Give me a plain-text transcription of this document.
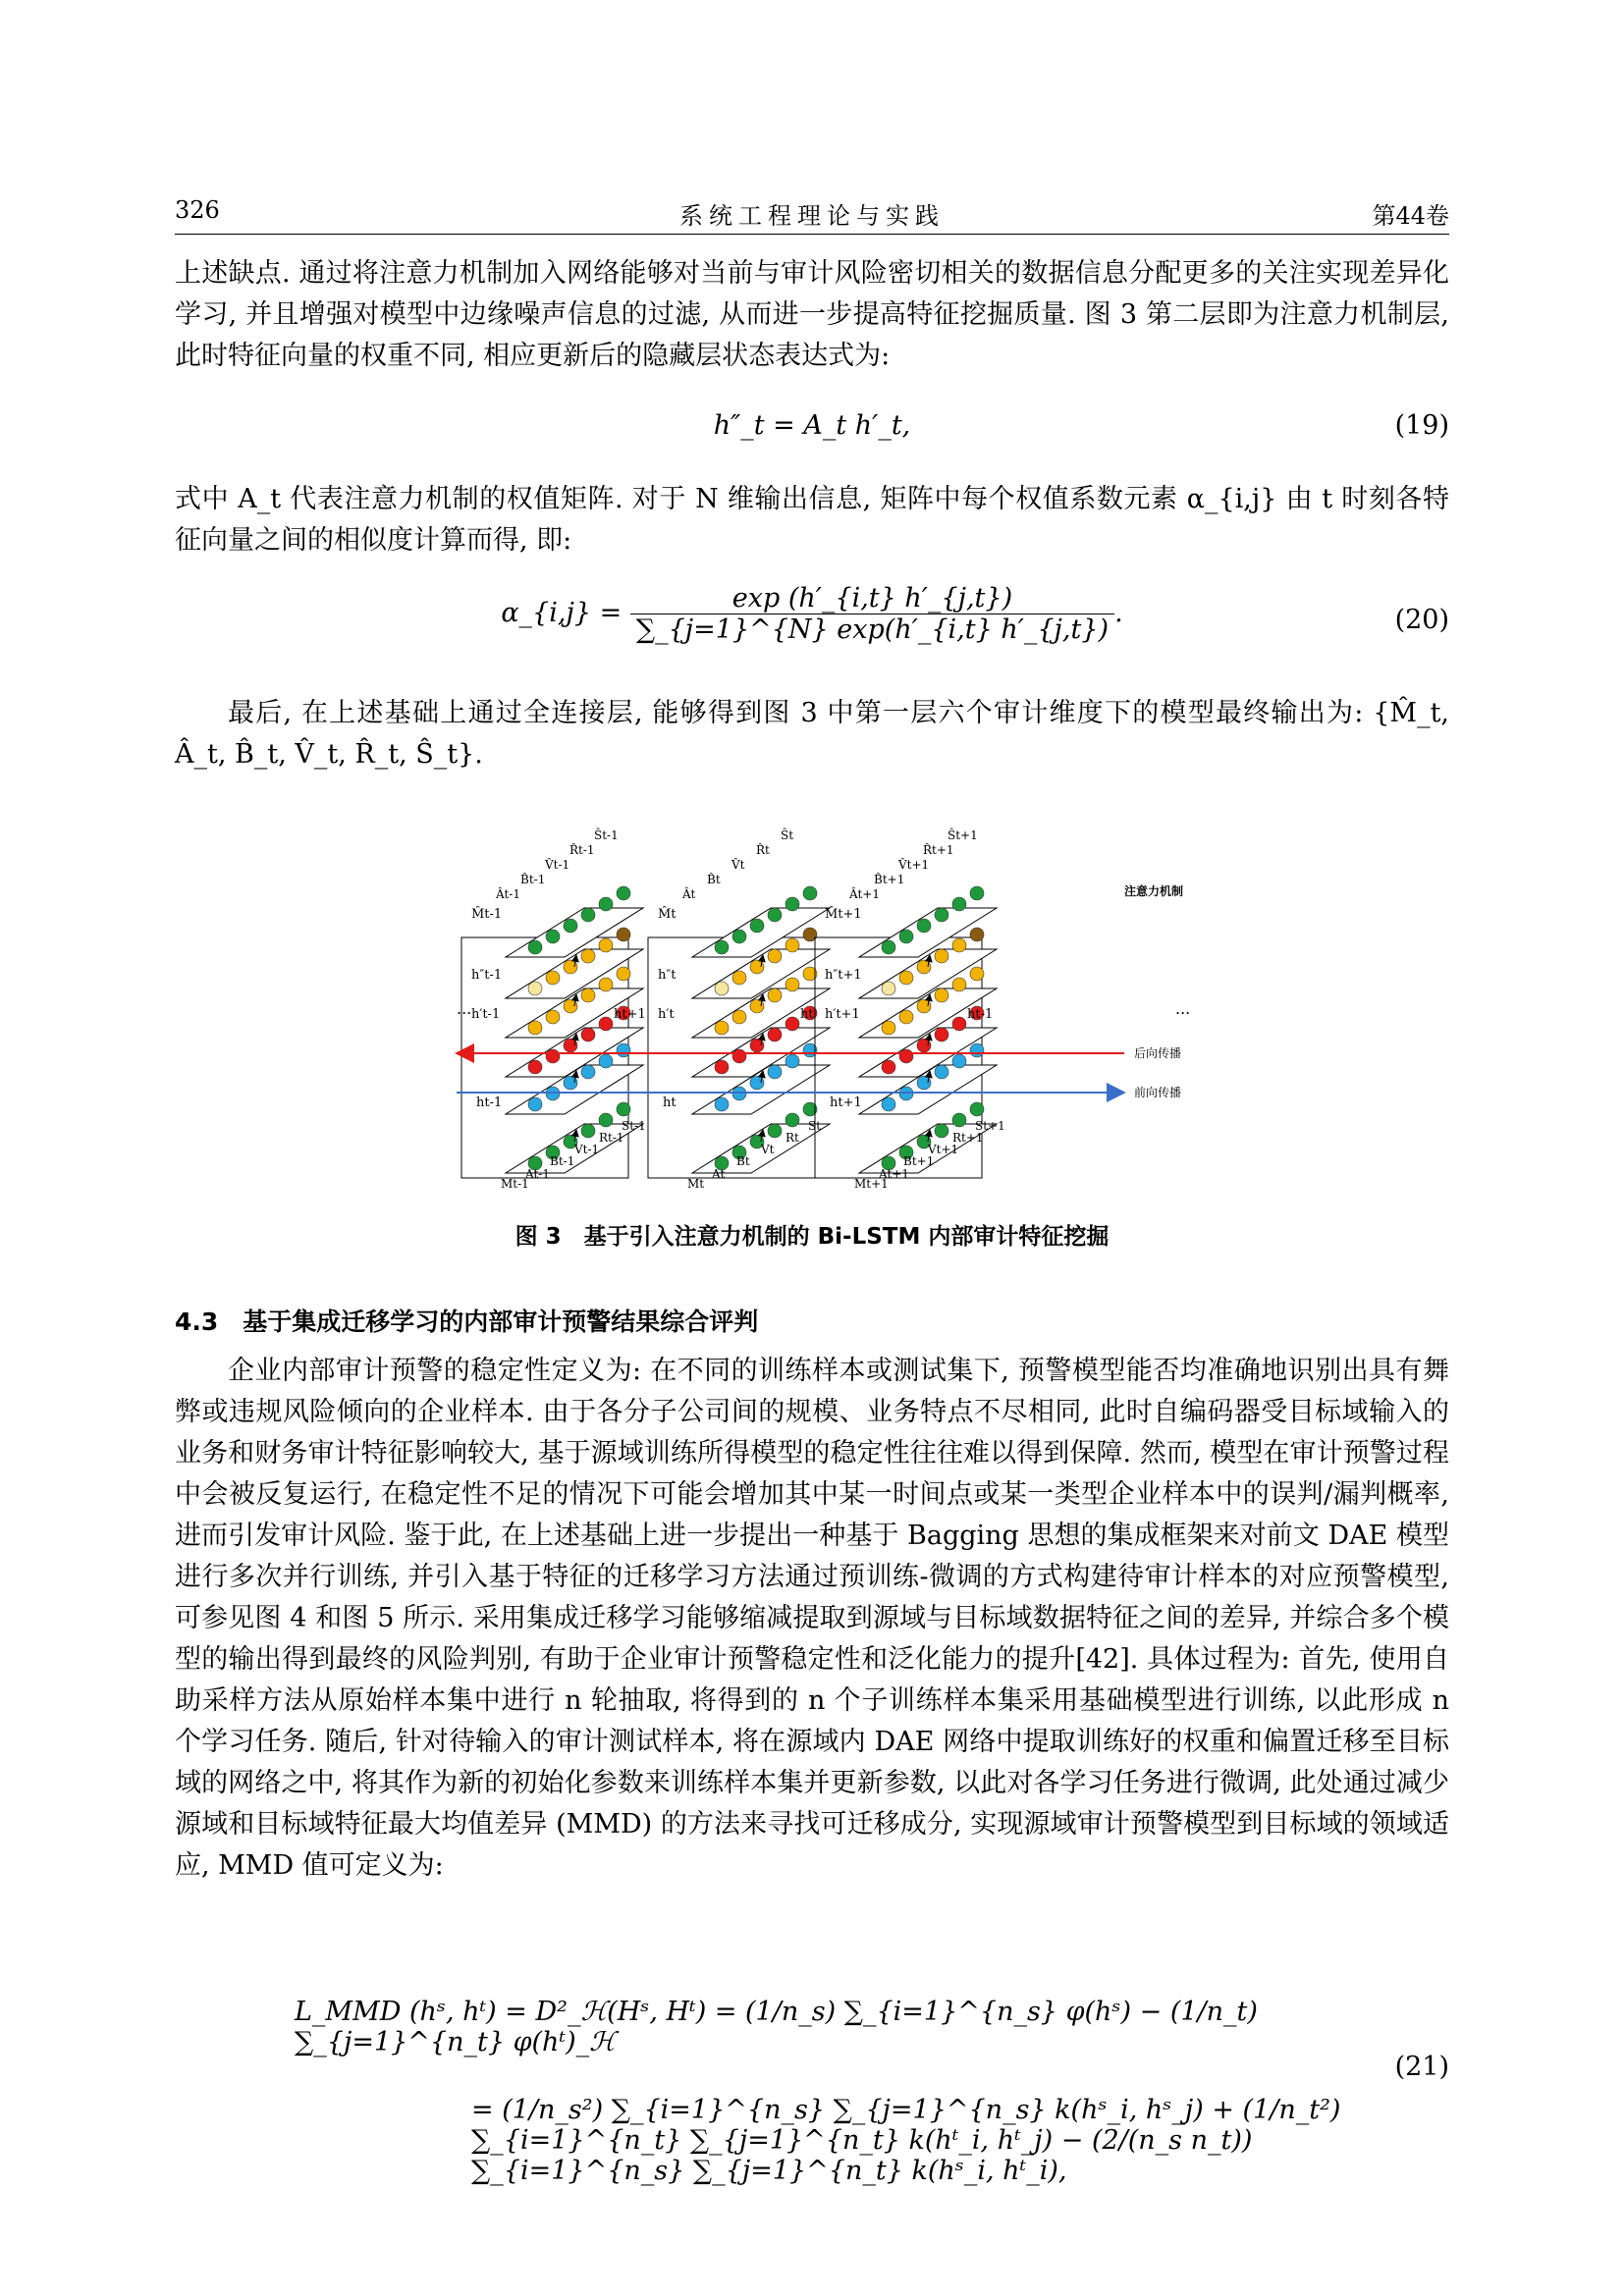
326	系统工程理论与实践	第44卷
上述缺点. 通过将注意力机制加入网络能够对当前与审计风险密切相关的数据信息分配更多的关注实现差异化学习, 并且增强对模型中边缘噪声信息的过滤, 从而进一步提高特征挖掘质量. 图 3 第二层即为注意力机制层, 此时特征向量的权重不同, 相应更新后的隐藏层状态表达式为:
h″_t = A_t h′_t,	(19)
式中 A_t 代表注意力机制的权值矩阵. 对于 N 维输出信息, 矩阵中每个权值系数元素 α_{i,j} 由 t 时刻各特征向量之间的相似度计算而得, 即:
α_{i,j} = $\frac{\exp (h'\_\{i,t\} h'\_\{j,t\})}{\sum\_\{j=1\}\^{}\{N\} \exp(h'\_\{i,t\} h'\_\{j,t\})}$ .	(20)
最后, 在上述基础上通过全连接层, 能够得到图 3 中第一层六个审计维度下的模型最终输出为: {M̂_t, Â_t, B̂_t, V̂_t, R̂_t, Ŝ_t}.
M̂t-1
Ât-1
B̂t-1
V̂t-1
R̂t-1
Ŝt-1
h″t-1
h′t-1	ht+1
ht-1
Mt-1
At-1
Bt-1
Vt-1
Rt-1
St-1
M̂t
Ât
B̂t
V̂t
R̂t
Ŝt
h″t
h′t	ht
ht
Mt
At
Bt
Vt
Rt
St
M̂t+1
Ât+1
B̂t+1
V̂t+1
R̂t+1
Ŝt+1
h″t+1
h′t+1	ht-1
ht+1
Mt+1
At+1
Bt+1
Vt+1
Rt+1
St+1
注意力机制
后向传播
前向传播
...	...
图 3　基于引入注意力机制的 Bi-LSTM 内部审计特征挖掘
4.3　基于集成迁移学习的内部审计预警结果综合评判
企业内部审计预警的稳定性定义为: 在不同的训练样本或测试集下, 预警模型能否均准确地识别出具有舞弊或违规风险倾向的企业样本. 由于各分子公司间的规模、业务特点不尽相同, 此时自编码器受目标域输入的业务和财务审计特征影响较大, 基于源域训练所得模型的稳定性往往难以得到保障. 然而, 模型在审计预警过程中会被反复运行, 在稳定性不足的情况下可能会增加其中某一时间点或某一类型企业样本中的误判/漏判概率, 进而引发审计风险. 鉴于此, 在上述基础上进一步提出一种基于 Bagging 思想的集成框架来对前文 DAE 模型进行多次并行训练, 并引入基于特征的迁移学习方法通过预训练-微调的方式构建待审计样本的对应预警模型, 可参见图 4 和图 5 所示. 采用集成迁移学习能够缩减提取到源域与目标域数据特征之间的差异, 并综合多个模型的输出得到最终的风险判别, 有助于企业审计预警稳定性和泛化能力的提升[42]. 具体过程为: 首先, 使用自助采样方法从原始样本集中进行 n 轮抽取, 将得到的 n 个子训练样本集采用基础模型进行训练, 以此形成 n 个学习任务. 随后, 针对待输入的审计测试样本, 将在源域内 DAE 网络中提取训练好的权重和偏置迁移至目标域的网络之中, 将其作为新的初始化参数来训练样本集并更新参数, 以此对各学习任务进行微调, 此处通过减少源域和目标域特征最大均值差异 (MMD) 的方法来寻找可迁移成分, 实现源域审计预警模型到目标域的领域适应, MMD 值可定义为:
L_MMD (hˢ, hᵗ) = D²_ℋ(Hˢ, Hᵗ) = (1/n_s) ∑_{i=1}^{n_s} φ(hˢ) − (1/n_t) ∑_{j=1}^{n_t} φ(hᵗ)_ℋ
= (1/n_s²) ∑_{i=1}^{n_s} ∑_{j=1}^{n_s} k(hˢ_i, hˢ_j) + (1/n_t²) ∑_{i=1}^{n_t} ∑_{j=1}^{n_t} k(hᵗ_i, hᵗ_j) − (2/(n_s n_t)) ∑_{i=1}^{n_s} ∑_{j=1}^{n_t} k(hˢ_i, hᵗ_i),
(21)
